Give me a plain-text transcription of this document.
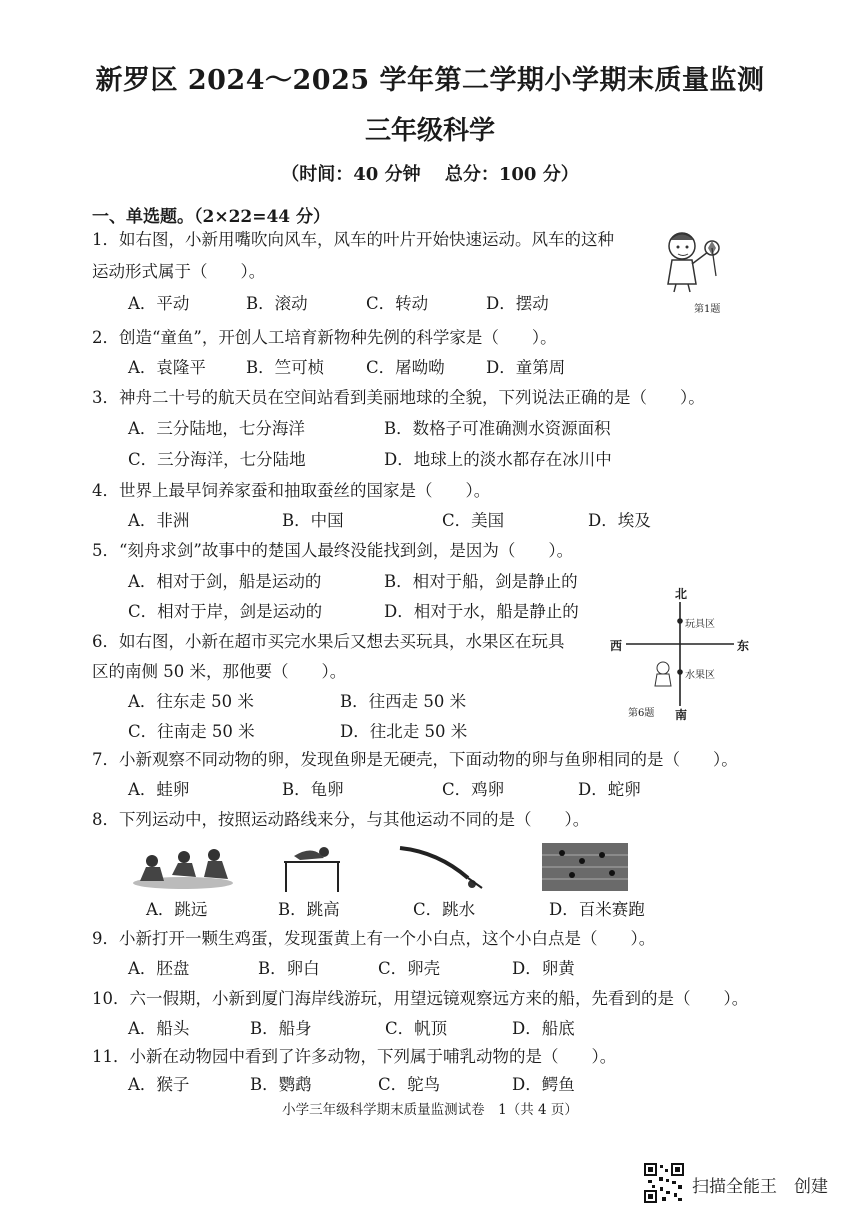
新罗区 2024～2025 学年第二学期小学期末质量监测
三年级科学
（时间：40 分钟　 总分：100 分）
一、单选题。（2×22=44 分）
1．如右图，小新用嘴吹向风车，风车的叶片开始快速运动。风车的这种
运动形式属于（　　）。
A．平动	B．滚动	C．转动	D．摆动	第1题
2．创造“童鱼”，开创人工培育新物种先例的科学家是（　　）。
A．袁隆平 B．竺可桢	C．屠呦呦	D．童第周
3．神舟二十号的航天员在空间站看到美丽地球的全貌，下列说法正确的是（　　）。
A．三分陆地，七分海洋	B．数格子可准确测水资源面积
C．三分海洋，七分陆地	D．地球上的淡水都存在冰川中
4．世界上最早饲养家蚕和抽取蚕丝的国家是（　　）。
A．非洲	B．中国	C．美国	D．埃及
5．“刻舟求剑”故事中的楚国人最终没能找到剑，是因为（　　）。
A．相对于剑，船是运动的	B．相对于船，剑是静止的
C．相对于岸，剑是运动的	D．相对于水，船是静止的
6．如右图，小新在超市买完水果后又想去买玩具，水果区在玩具
区的南侧 50 米，那他要（　　）。
A．往东走 50 米	B．往西走 50 米
C．往南走 50 米	D．往北走 50 米
北
南
西	东
玩具区
水果区
第6题
7．小新观察不同动物的卵，发现鱼卵是无硬壳，下面动物的卵与鱼卵相同的是（　　）。
A．蛙卵	B．龟卵	C．鸡卵	D．蛇卵
8．下列运动中，按照运动路线来分，与其他运动不同的是（　　）。
A．跳远	B．跳高	C．跳水	D．百米赛跑
9．小新打开一颗生鸡蛋，发现蛋黄上有一个小白点，这个小白点是（　　）。
A．胚盘	B．卵白	C．卵壳	D．卵黄
10．六一假期，小新到厦门海岸线游玩，用望远镜观察远方来的船，先看到的是（　　）。
A．船头	B．船身	C．帆顶	D．船底
11．小新在动物园中看到了许多动物，下列属于哺乳动物的是（　　）。
A．猴子	B．鹦鹉	C．鸵鸟	D．鳄鱼
小学三年级科学期末质量监测试卷　1（共 4 页）
扫描全能王　创建
